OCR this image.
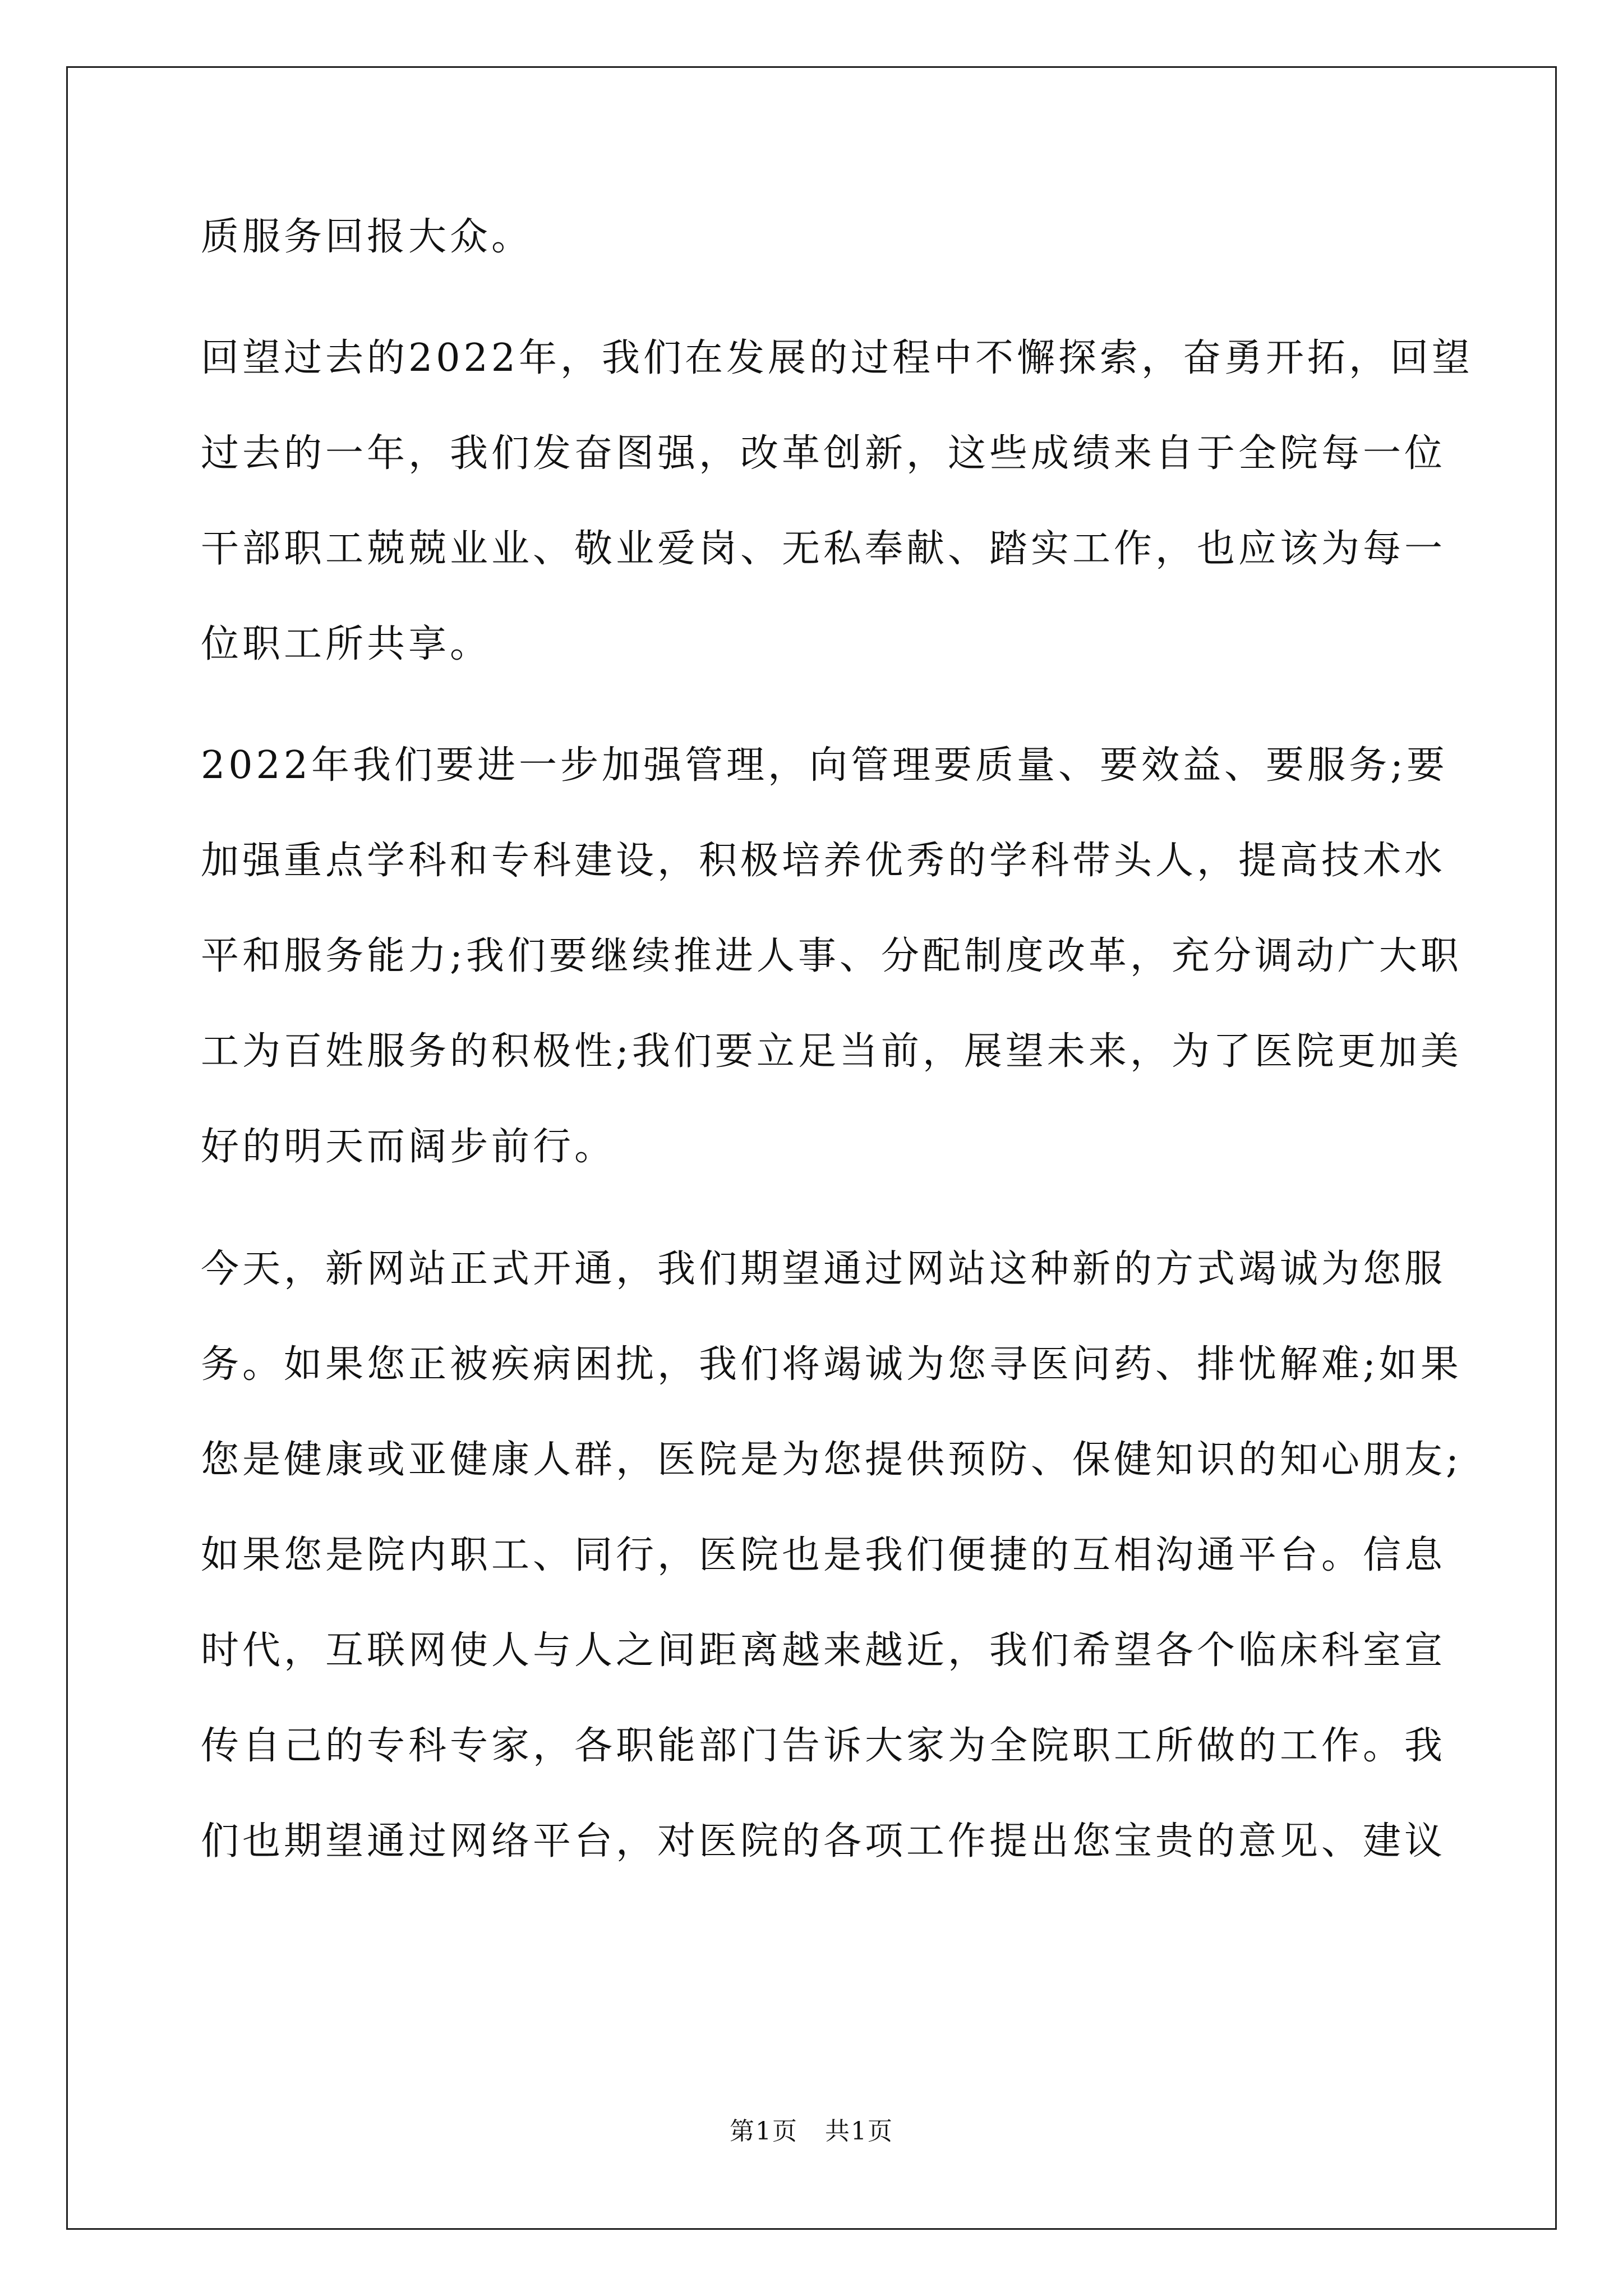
质服务回报大众。
回望过去的2022年，我们在发展的过程中不懈探索，奋勇开拓，回望
过去的一年，我们发奋图强，改革创新，这些成绩来自于全院每一位
干部职工兢兢业业、敬业爱岗、无私奉献、踏实工作，也应该为每一
位职工所共享。
2022年我们要进一步加强管理，向管理要质量、要效益、要服务;要
加强重点学科和专科建设，积极培养优秀的学科带头人，提高技术水
平和服务能力;我们要继续推进人事、分配制度改革，充分调动广大职
工为百姓服务的积极性;我们要立足当前，展望未来，为了医院更加美
好的明天而阔步前行。
今天，新网站正式开通，我们期望通过网站这种新的方式竭诚为您服
务。如果您正被疾病困扰，我们将竭诚为您寻医问药、排忧解难;如果
您是健康或亚健康人群，医院是为您提供预防、保健知识的知心朋友;
如果您是院内职工、同行，医院也是我们便捷的互相沟通平台。信息
时代，互联网使人与人之间距离越来越近，我们希望各个临床科室宣
传自己的专科专家，各职能部门告诉大家为全院职工所做的工作。我
们也期望通过网络平台，对医院的各项工作提出您宝贵的意见、建议
第1页   共1页
